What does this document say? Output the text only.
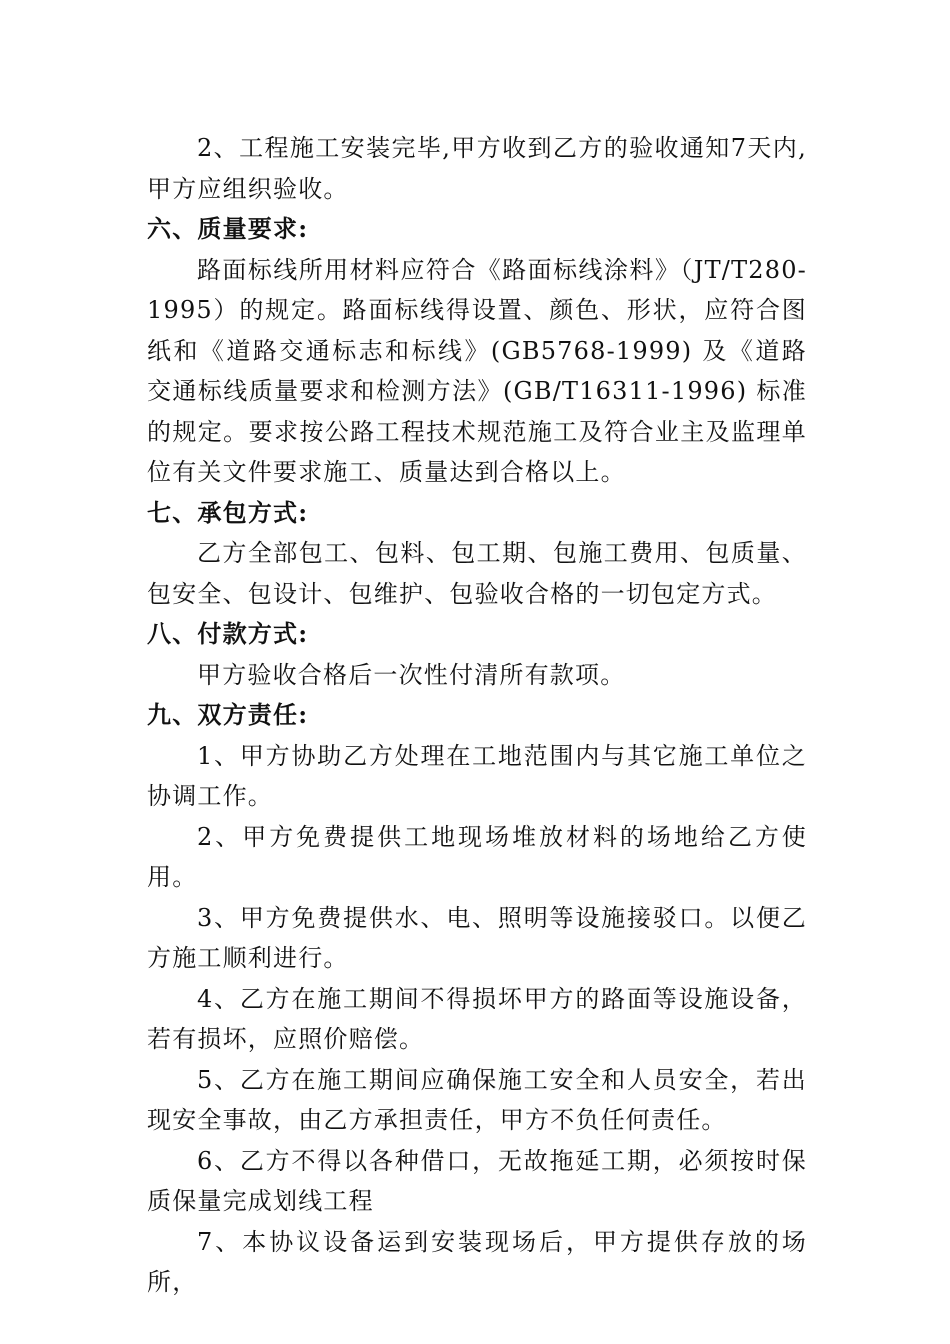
2、工程施工安装完毕,甲方收到乙方的验收通知7天内,甲方应组织验收。

六、质量要求:

路面标线所用材料应符合《路面标线涂料》（JT/T280-1995）的规定。路面标线得设置、颜色、形状，应符合图纸和《道路交通标志和标线》(GB5768-1999) 及《道路交通标线质量要求和检测方法》(GB/T16311-1996) 标准的规定。要求按公路工程技术规范施工及符合业主及监理单位有关文件要求施工、质量达到合格以上。

七、承包方式:

乙方全部包工、包料、包工期、包施工费用、包质量、包安全、包设计、包维护、包验收合格的一切包定方式。

八、付款方式:

甲方验收合格后一次性付清所有款项。

九、双方责任:

1、甲方协助乙方处理在工地范围内与其它施工单位之协调工作。

2、甲方免费提供工地现场堆放材料的场地给乙方使用。

3、甲方免费提供水、电、照明等设施接驳口。以便乙方施工顺利进行。

4、乙方在施工期间不得损坏甲方的路面等设施设备，若有损坏，应照价赔偿。

5、乙方在施工期间应确保施工安全和人员安全，若出现安全事故，由乙方承担责任，甲方不负任何责任。

6、乙方不得以各种借口，无故拖延工期，必须按时保质保量完成划线工程

7、本协议设备运到安装现场后，甲方提供存放的场所，
